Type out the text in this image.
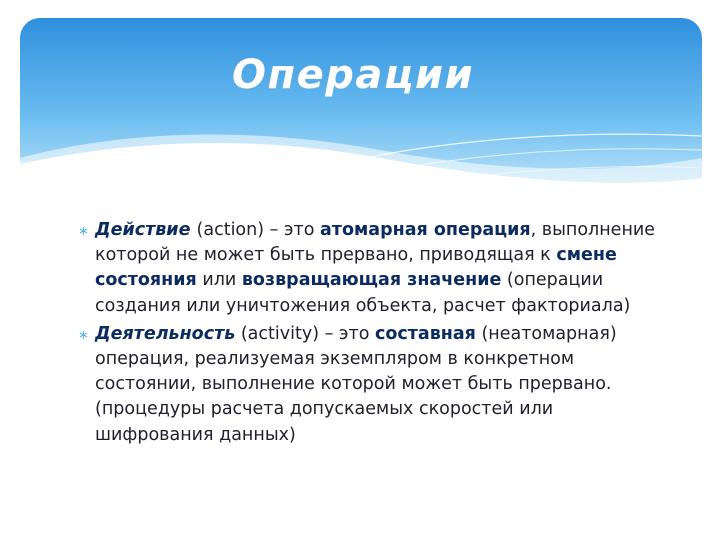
Операции

∗ Действие (action) – это атомарная операция, выполнение которой не может быть прервано, приводящая к смене состояния или возвращающая значение (операции создания или уничтожения объекта, расчет факториала)

∗ Деятельность (activity) – это составная (неатомарная) операция, реализуемая экземпляром в конкретном состоянии, выполнение которой может быть прервано. (процедуры расчета допускаемых скоростей или шифрования данных)
